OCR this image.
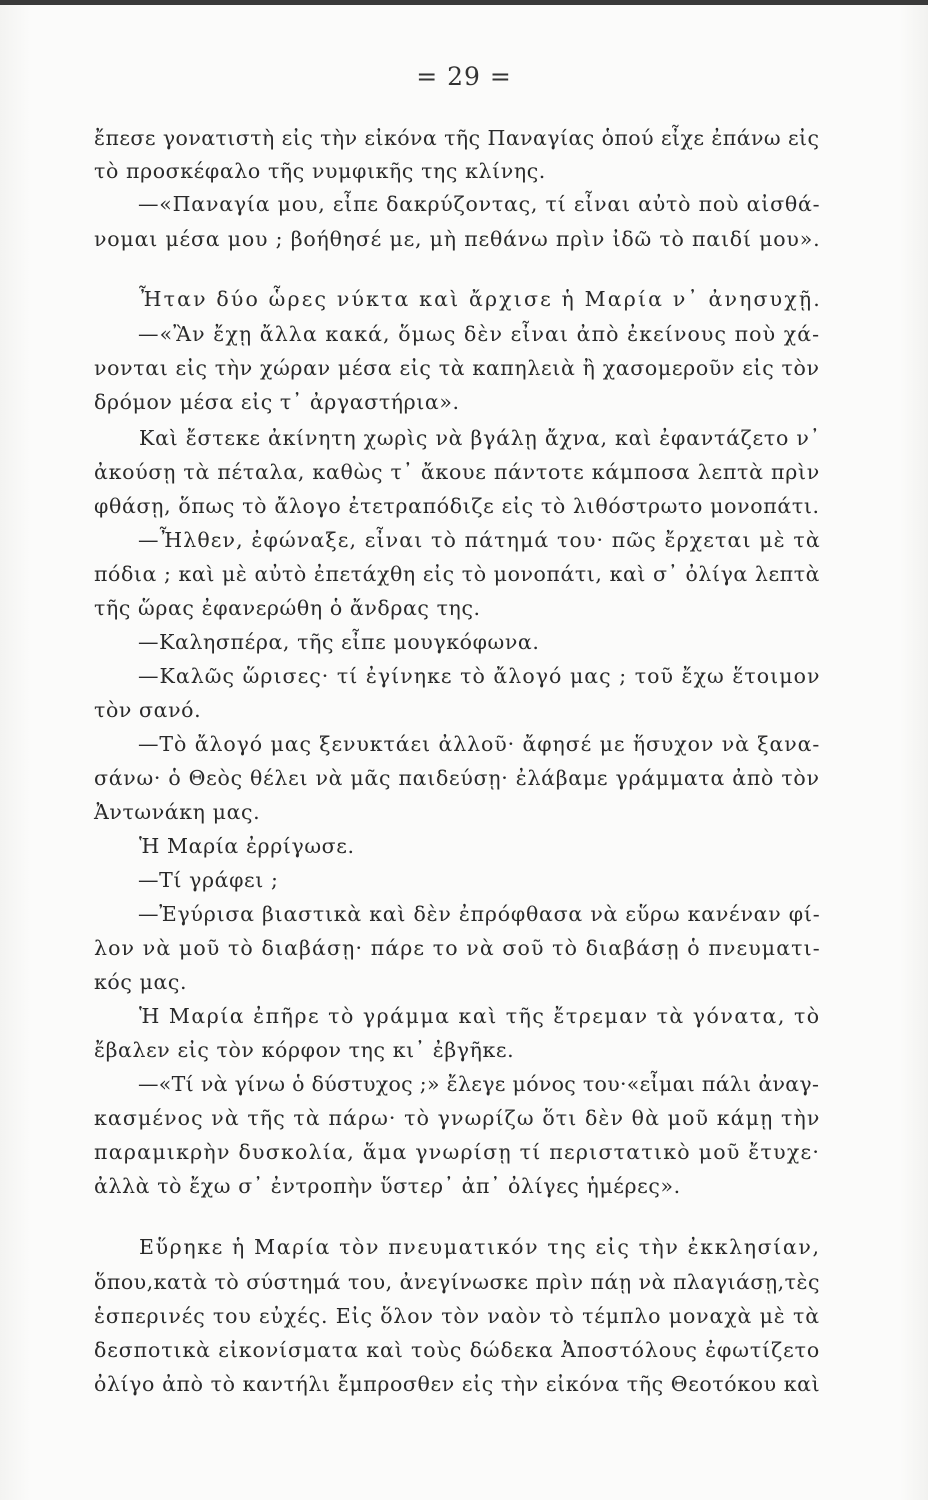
= 29 =
ἔπεσε γονατιστὴ εἰς τὴν εἰκόνα τῆς Παναγίας ὁπού εἶχε ἐπάνω εἰς
τὸ προσκέφαλο τῆς νυμφικῆς της κλίνης.
—«Παναγία μου, εἶπε δακρύζοντας, τί εἶναι αὐτὸ ποὺ αἰσθά-
νομαι μέσα μου ; βοήθησέ με, μὴ πεθάνω πρὶν ἰδῶ τὸ παιδί μου».
Ἦταν δύο ὧρες νύκτα καὶ ἄρχισε ἡ Μαρία ν᾿ ἀνησυχῇ.
—«Ἂν ἔχῃ ἄλλα κακά, ὅμως δὲν εἶναι ἀπὸ ἐκείνους ποὺ χά-
νονται εἰς τὴν χώραν μέσα εἰς τὰ καπηλειὰ ἢ χασομεροῦν εἰς τὸν
δρόμον μέσα εἰς τ᾿ ἀργαστήρια».
Καὶ ἔστεκε ἀκίνητη χωρὶς νὰ βγάλῃ ἄχνα, καὶ ἐφαντάζετο ν᾿
ἀκούσῃ τὰ πέταλα, καθὼς τ᾿ ἄκουε πάντοτε κάμποσα λεπτὰ πρὶν
φθάσῃ, ὅπως τὸ ἄλογο ἐτετραπόδιζε εἰς τὸ λιθόστρωτο μονοπάτι.
—Ἦλθεν, ἐφώναξε, εἶναι τὸ πάτημά του· πῶς ἔρχεται μὲ τὰ
πόδια ; καὶ μὲ αὐτὸ ἐπετάχθη εἰς τὸ μονοπάτι, καὶ σ᾿ ὀλίγα λεπτὰ
τῆς ὥρας ἐφανερώθη ὁ ἄνδρας της.
—Καλησπέρα, τῆς εἶπε μουγκόφωνα.
—Καλῶς ὥρισες· τί ἐγίνηκε τὸ ἄλογό μας ; τοῦ ἔχω ἕτοιμον
τὸν σανό.
—Τὸ ἄλογό μας ξενυκτάει ἀλλοῦ· ἄφησέ με ἥσυχον νὰ ξανα-
σάνω· ὁ Θεὸς θέλει νὰ μᾶς παιδεύσῃ· ἐλάβαμε γράμματα ἀπὸ τὸν
Ἀντωνάκη μας.
Ἡ Μαρία ἐρρίγωσε.
—Τί γράφει ;
—Ἐγύρισα βιαστικὰ καὶ δὲν ἐπρόφθασα νὰ εὕρω κανέναν φί-
λον νὰ μοῦ τὸ διαβάσῃ· πάρε το νὰ σοῦ τὸ διαβάσῃ ὁ πνευματι-
κός μας.
Ἡ Μαρία ἐπῆρε τὸ γράμμα καὶ τῆς ἔτρεμαν τὰ γόνατα, τὸ
ἔβαλεν εἰς τὸν κόρφον της κι᾿ ἐβγῆκε.
—«Τί νὰ γίνω ὁ δύστυχος ;» ἔλεγε μόνος του·«εἶμαι πάλι ἀναγ-
κασμένος νὰ τῆς τὰ πάρω· τὸ γνωρίζω ὅτι δὲν θὰ μοῦ κάμῃ τὴν
παραμικρὴν δυσκολία, ἅμα γνωρίσῃ τί περιστατικὸ μοῦ ἔτυχε·
ἀλλὰ τὸ ἔχω σ᾿ ἐντροπὴν ὕστερ᾿ ἀπ᾿ ὀλίγες ἡμέρες».
Εὕρηκε ἡ Μαρία τὸν πνευματικόν της εἰς τὴν ἐκκλησίαν,
ὅπου,κατὰ τὸ σύστημά του, ἀνεγίνωσκε πρὶν πάῃ νὰ πλαγιάσῃ,τὲς
ἑσπερινές του εὐχές. Εἰς ὅλον τὸν ναὸν τὸ τέμπλο μοναχὰ μὲ τὰ
δεσποτικὰ εἰκονίσματα καὶ τοὺς δώδεκα Ἀποστόλους ἐφωτίζετο
ὀλίγο ἀπὸ τὸ καντήλι ἔμπροσθεν εἰς τὴν εἰκόνα τῆς Θεοτόκου καὶ
